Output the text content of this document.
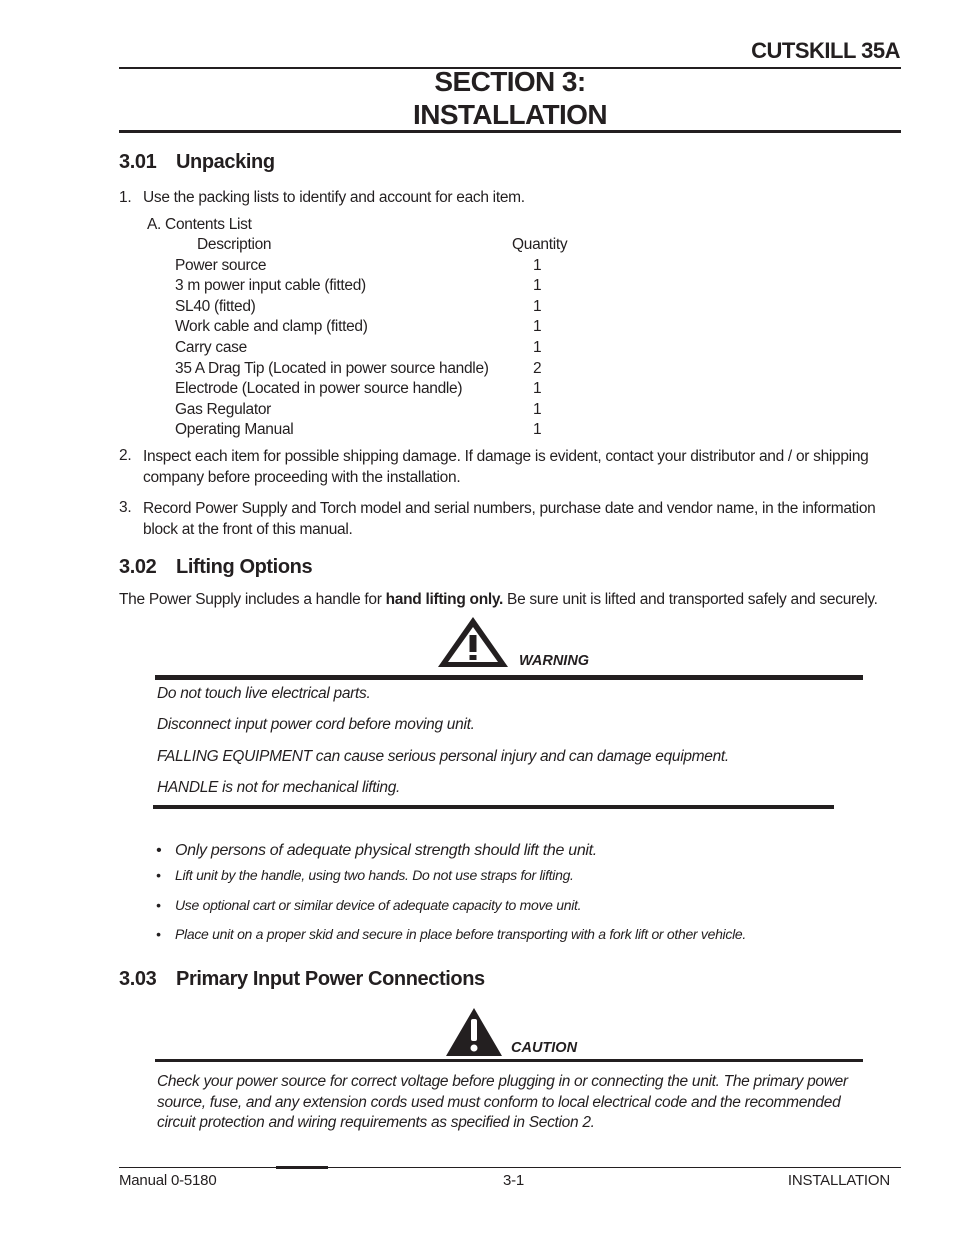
CUTSKILL 35A
SECTION 3:
INSTALLATION
3.01 Unpacking
1. Use the packing lists to identify and account for each item.
A. Contents List
Description	Quantity
Power source	1
3 m power input cable (fitted)	1
SL40 (fitted)	1
Work cable and clamp (fitted)	1
Carry case	1
35 A Drag Tip (Located in power source handle)	2
Electrode (Located in power source handle)	1
Gas Regulator	1
Operating Manual	1
2. Inspect each item for possible shipping damage. If damage is evident, contact your distributor and / or shipping
company before proceeding with the installation.
3. Record Power Supply and Torch model and serial numbers, purchase date and vendor name, in the information
block at the front of this manual.
3.02 Lifting Options
The Power Supply includes a handle for hand lifting only. Be sure unit is lifted and transported safely and securely.
WARNING
Do not touch live electrical parts.
Disconnect input power cord before moving unit.
FALLING EQUIPMENT can cause serious personal injury and can damage equipment.
HANDLE is not for mechanical lifting.
• Only persons of adequate physical strength should lift the unit.
• Lift unit by the handle, using two hands. Do not use straps for lifting.
• Use optional cart or similar device of adequate capacity to move unit.
• Place unit on a proper skid and secure in place before transporting with a fork lift or other vehicle.
3.03 Primary Input Power Connections
CAUTION
Check your power source for correct voltage before plugging in or connecting the unit. The primary power
source, fuse, and any extension cords used must conform to local electrical code and the recommended
circuit protection and wiring requirements as specified in Section 2.
Manual 0-5180	3-1	INSTALLATION
